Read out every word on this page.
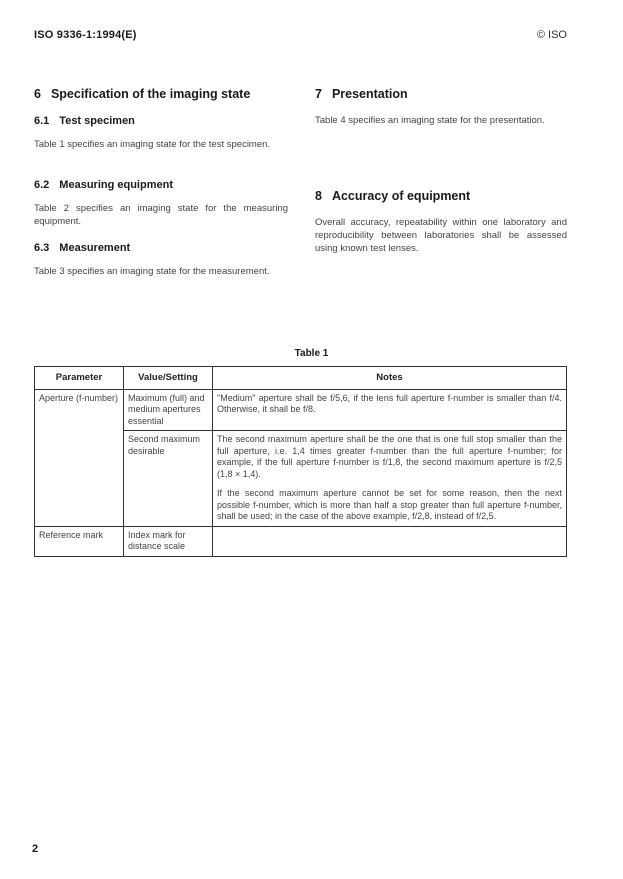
ISO 9336-1:1994(E)	© ISO
6 Specification of the imaging state
6.1 Test specimen
Table 1 specifies an imaging state for the test specimen.
6.2 Measuring equipment
Table 2 specifies an imaging state for the measuring equipment.
6.3 Measurement
Table 3 specifies an imaging state for the measurement.
7 Presentation
Table 4 specifies an imaging state for the presentation.
8 Accuracy of equipment
Overall accuracy, repeatability within one laboratory and reproducibility between laboratories shall be assessed using known test lenses.
Table 1
Parameter	Value/Setting	Notes
Aperture (f-number)	Maximum (full) and medium apertures essential	"Medium" aperture shall be f/5,6, if the lens full aperture f-number is smaller than f/4. Otherwise, it shall be f/8.
	Second maximum desirable	The second maximum aperture shall be the one that is one full stop smaller than the full aperture, i.e. 1,4 times greater f-number than the full aperture f-number; for example, if the full aperture f-number is f/1,8, the second maximum aperture is f/2,5 (1,8 × 1,4).
If the second maximum aperture cannot be set for some reason, then the next possible f-number, which is more than half a stop greater than full aperture f-number, shall be used; in the case of the above example, f/2,8, instead of f/2,5.

Reference mark	Index mark for distance scale	
2
